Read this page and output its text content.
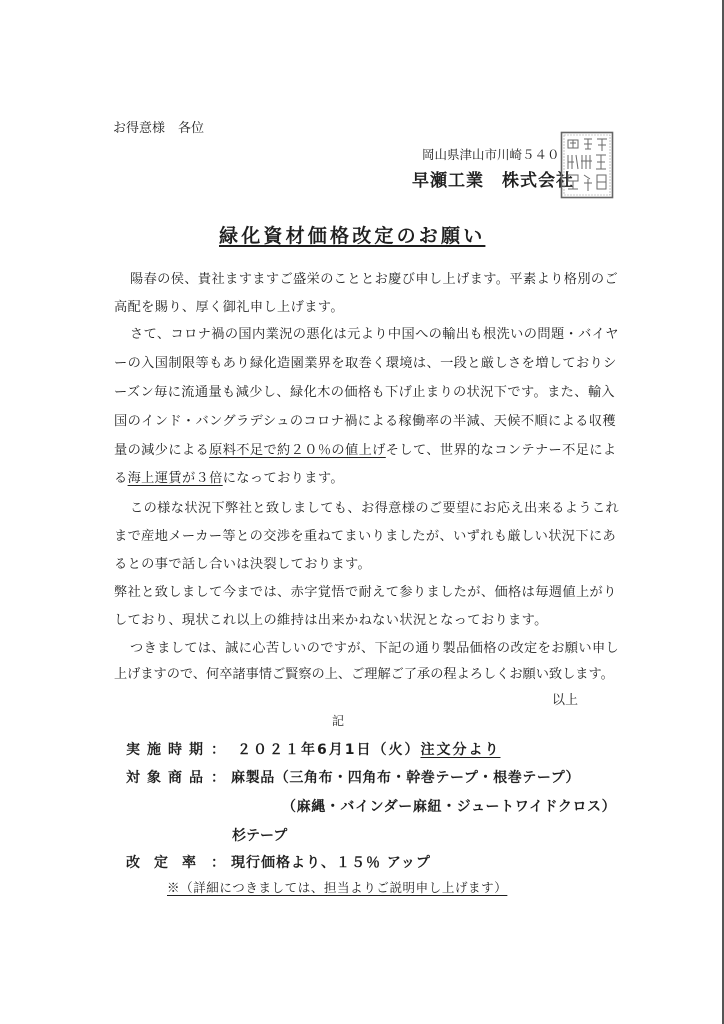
お得意様　各位
岡山県津山市川崎５４０
早瀬工業　株式会社
緑化資材価格改定のお願い
陽春の侯、貴社ますますご盛栄のこととお慶び申し上げます。平素より格別のご
高配を賜り、厚く御礼申し上げます。
さて、コロナ禍の国内業況の悪化は元より中国への輸出も根洗いの問題・バイヤ
ーの入国制限等もあり緑化造園業界を取巻く環境は、一段と厳しさを増しておりシ
ーズン毎に流通量も減少し、緑化木の価格も下げ止まりの状況下です。また、輸入
国のインド・バングラデシュのコロナ禍による稼働率の半減、天候不順による収穫
量の減少による原料不足で約２０％の値上げそして、世界的なコンテナー不足によ
る海上運賃が３倍になっております。
この様な状況下弊社と致しましても、お得意様のご要望にお応え出来るようこれ
まで産地メーカー等との交渉を重ねてまいりましたが、いずれも厳しい状況下にあ
るとの事で話し合いは決裂しております。
弊社と致しまして今までは、赤字覚悟で耐えて参りましたが、価格は毎週値上がり
しており、現状これ以上の維持は出来かねない状況となっております。
つきましては、誠に心苦しいのですが、下記の通り製品価格の改定をお願い申し
上げますので、何卒諸事情ご賢察の上、ご理解ご了承の程よろしくお願い致します。
以上
記
実施時期 ： ２０２１年6月1日（火）注文分より
対象商品 ： 麻製品（三角布・四角布・幹巻テープ・根巻テープ）
（麻縄・バインダー麻紐・ジュートワイドクロス）
杉テープ
改定率 ： 現行価格より、１５％ アップ
※（詳細につきましては、担当よりご説明申し上げます）
